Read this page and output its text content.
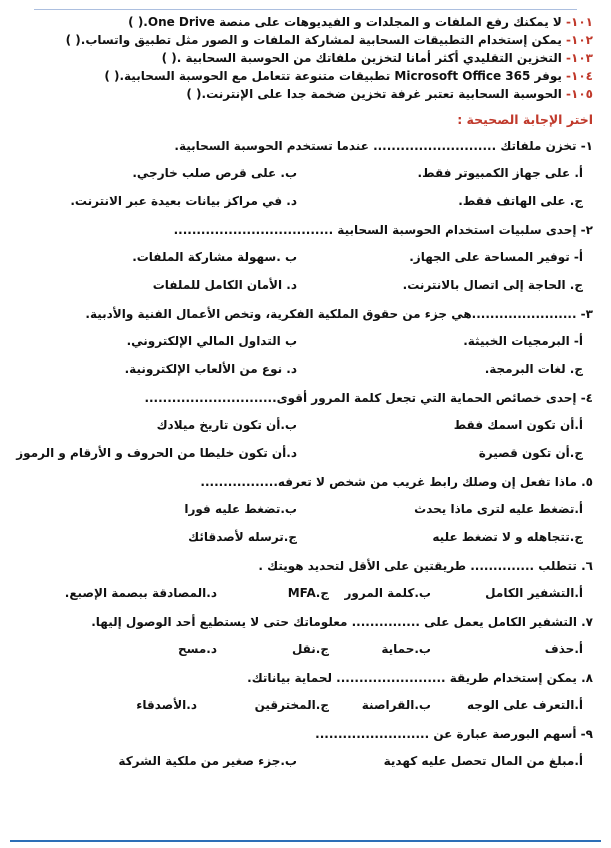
١٠١- لا يمكنك رفع الملفات و المجلدات و الفيديوهات على منصة One Drive.( )
١٠٢- يمكن إستخدام التطبيقات السحابية لمشاركة الملفات و الصور مثل تطبيق واتساب.( )
١٠٣- التخزين التقليدي أكثر أمانا لتخزين ملفاتك من الحوسبة السحابية .( )
١٠٤- يوفر Microsoft Office 365 تطبيقات متنوعة تتعامل مع الحوسبة السحابية.( )
١٠٥- الحوسبة السحابية تعتبر غرفة تخزين ضخمة جدا على الإنترنت.( )
اختر الإجابة الصحيحة :
١- تخزن ملفاتك ........................... عندما تستخدم الحوسبة السحابية.
أ. على جهاز الكمبيوتر فقط.
ب. على قرص صلب خارجي.
ج. على الهاتف فقط.
د. في مراكز بيانات بعيدة عبر الانترنت.
٢- إحدى سلبيات استخدام الحوسبة السحابية ...................................
أ- توفير المساحة على الجهاز.
ب .سهولة مشاركة الملفات.
ج. الحاجة إلى اتصال بالانترنت.
د. الأمان الكامل للملفات
٣- .......................هي جزء من حقوق الملكية الفكرية، وتخص الأعمال الفنية والأدبية.
أ- البرمجيات الخبيثة.
ب التداول المالي الإلكتروني.
ج. لغات البرمجة.
د. نوع من الألعاب الإلكترونية.
٤- إحدى خصائص الحماية التي تجعل كلمة المرور أقوى.............................
أ.أن تكون اسمك فقط
ب.أن تكون تاريخ ميلادك
ج.أن تكون قصيرة
د.أن تكون خليطا من الحروف و الأرقام و الرموز
٥. ماذا تفعل إن وصلك رابط غريب من شخص لا تعرفه.................
أ.تضغط عليه لترى ماذا يحدث
ب.تضغط عليه فورا
ج.تتجاهله و لا تضغط عليه
ج.ترسله لأصدقائك
٦. تتطلب .............. طريقتين على الأقل لتحديد هويتك .
أ.التشفير الكامل
ب.كلمة المرور
ج.MFA
د.المصادقة ببصمة الإصبع.
٧. التشفير الكامل يعمل على ............... معلوماتك حتى لا يستطيع أحد الوصول إليها.
أ.حذف
ب.حماية
ج.نقل
د.مسح
٨. يمكن إستخدام طريقة ........................ لحماية بياناتك.
أ.التعرف على الوجه
ب.القراصنة
ج.المخترقين
د.الأصدقاء
٩- أسهم البورصة عبارة عن .........................
أ.مبلغ من المال تحصل عليه كهدية
ب.جزء صغير من ملكية الشركة
